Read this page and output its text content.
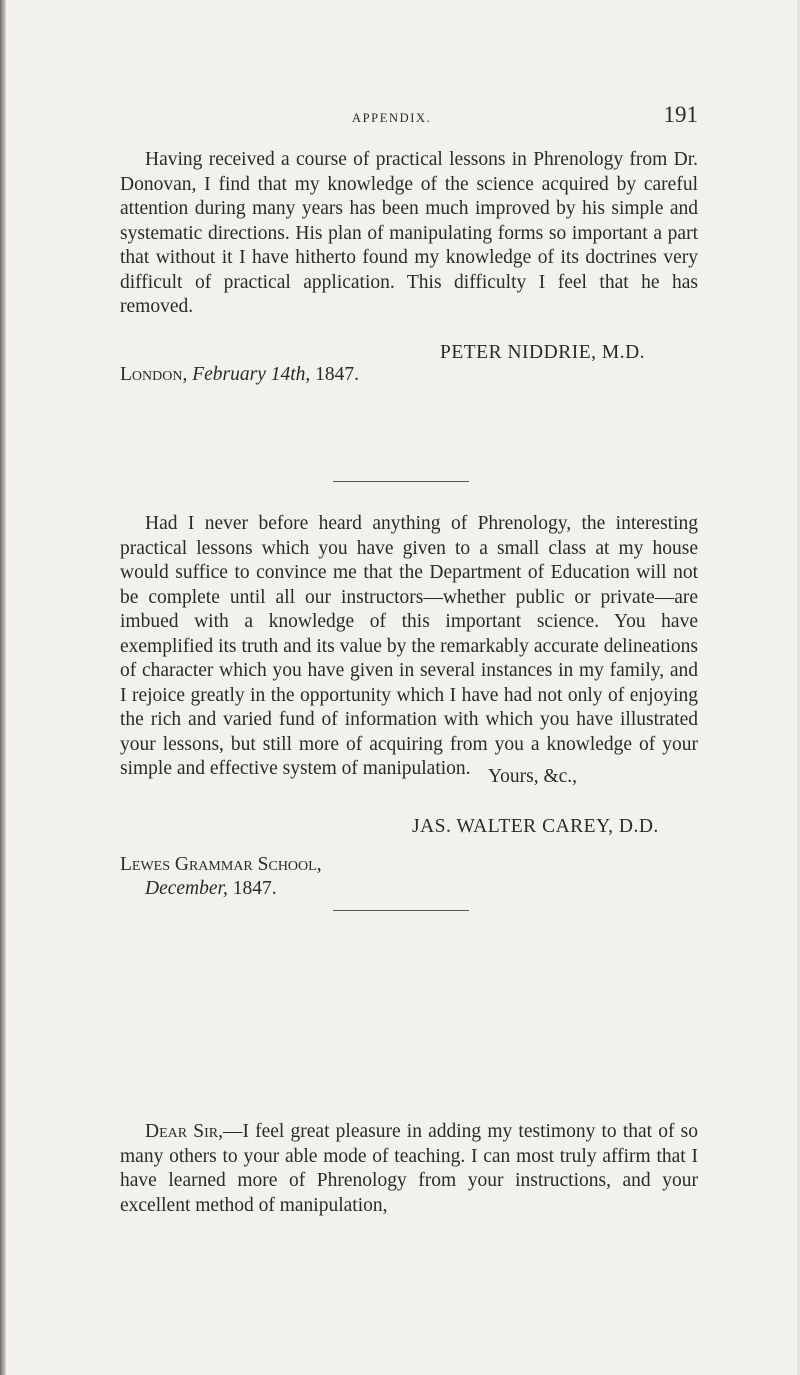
APPENDIX.	191

Having received a course of practical lessons in Phrenology from Dr. Donovan, I find that my knowledge of the science acquired by careful attention during many years has been much improved by his simple and systematic directions. His plan of manipulating forms so important a part that without it I have hitherto found my knowledge of its doctrines very difficult of practical application. This difficulty I feel that he has removed.

PETER NIDDRIE, M.D.
London, February 14th, 1847.

Had I never before heard anything of Phrenology, the interesting practical lessons which you have given to a small class at my house would suffice to convince me that the Department of Education will not be complete until all our instructors—whether public or private—are imbued with a knowledge of this important science. You have exemplified its truth and its value by the remarkably accurate delineations of character which you have given in several instances in my family, and I rejoice greatly in the opportunity which I have had not only of enjoying the rich and varied fund of information with which you have illustrated your lessons, but still more of acquiring from you a knowledge of your simple and effective system of manipulation. Yours, &c.,
JAS. WALTER CAREY, D.D.
Lewes Grammar School,
December, 1847.

Dear Sir,—I feel great pleasure in adding my testimony to that of so many others to your able mode of teaching. I can most truly affirm that I have learned more of Phrenology from your instructions, and your excellent method of manipulation,
